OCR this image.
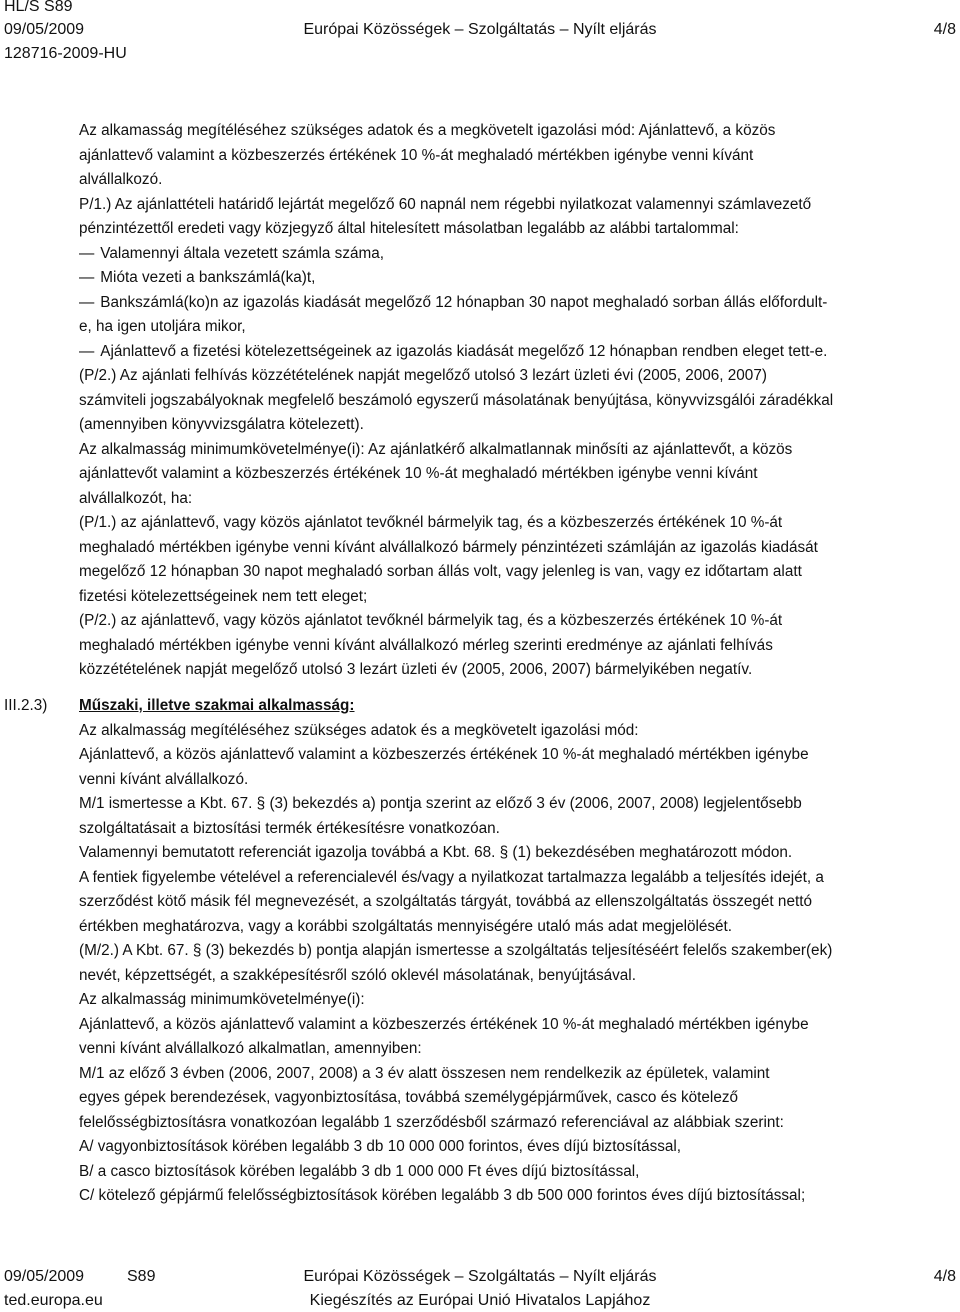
HL/S S89
09/05/2009	Európai Közösségek – Szolgáltatás – Nyílt eljárás	4/8
128716-2009-HU
Az alkamasság megítéléséhez szükséges adatok és a megkövetelt igazolási mód: Ajánlattevő, a közös
ajánlattevő valamint a közbeszerzés értékének 10 %-át meghaladó mértékben igénybe venni kívánt
alvállalkozó.
P/1.) Az ajánlattételi határidő lejártát megelőző 60 napnál nem régebbi nyilatkozat valamennyi számlavezető
pénzintézettől eredeti vagy közjegyző által hitelesített másolatban legalább az alábbi tartalommal:
— Valamennyi általa vezetett számla száma,
— Mióta vezeti a bankszámlá(ka)t,
— Bankszámlá(ko)n az igazolás kiadását megelőző 12 hónapban 30 napot meghaladó sorban állás előfordult-
e, ha igen utoljára mikor,
— Ajánlattevő a fizetési kötelezettségeinek az igazolás kiadását megelőző 12 hónapban rendben eleget tett-e.
(P/2.) Az ajánlati felhívás közzétételének napját megelőző utolsó 3 lezárt üzleti évi (2005, 2006, 2007)
számviteli jogszabályoknak megfelelő beszámoló egyszerű másolatának benyújtása, könyvvizsgálói záradékkal
(amennyiben könyvvizsgálatra kötelezett).
Az alkalmasság minimumkövetelménye(i): Az ajánlatkérő alkalmatlannak minősíti az ajánlattevőt, a közös
ajánlattevőt valamint a közbeszerzés értékének 10 %-át meghaladó mértékben igénybe venni kívánt
alvállalkozót, ha:
(P/1.) az ajánlattevő, vagy közös ajánlatot tevőknél bármelyik tag, és a közbeszerzés értékének 10 %-át
meghaladó mértékben igénybe venni kívánt alvállalkozó bármely pénzintézeti számláján az igazolás kiadását
megelőző 12 hónapban 30 napot meghaladó sorban állás volt, vagy jelenleg is van, vagy ez időtartam alatt
fizetési kötelezettségeinek nem tett eleget;
(P/2.) az ajánlattevő, vagy közös ajánlatot tevőknél bármelyik tag, és a közbeszerzés értékének 10 %-át
meghaladó mértékben igénybe venni kívánt alvállalkozó mérleg szerinti eredménye az ajánlati felhívás
közzétételének napját megelőző utolsó 3 lezárt üzleti év (2005, 2006, 2007) bármelyikében negatív.
III.2.3) Műszaki, illetve szakmai alkalmasság:
Az alkalmasság megítéléséhez szükséges adatok és a megkövetelt igazolási mód:
Ajánlattevő, a közös ajánlattevő valamint a közbeszerzés értékének 10 %-át meghaladó mértékben igénybe
venni kívánt alvállalkozó.
M/1 ismertesse a Kbt. 67. § (3) bekezdés a) pontja szerint az előző 3 év (2006, 2007, 2008) legjelentősebb
szolgáltatásait a biztosítási termék értékesítésre vonatkozóan.
Valamennyi bemutatott referenciát igazolja továbbá a Kbt. 68. § (1) bekezdésében meghatározott módon.
A fentiek figyelembe vételével a referencialevél és/vagy a nyilatkozat tartalmazza legalább a teljesítés idejét, a
szerződést kötő másik fél megnevezését, a szolgáltatás tárgyát, továbbá az ellenszolgáltatás összegét nettó
értékben meghatározva, vagy a korábbi szolgáltatás mennyiségére utaló más adat megjelölését.
(M/2.) A Kbt. 67. § (3) bekezdés b) pontja alapján ismertesse a szolgáltatás teljesítéséért felelős szakember(ek)
nevét, képzettségét, a szakképesítésről szóló oklevél másolatának, benyújtásával.
Az alkalmasság minimumkövetelménye(i):
Ajánlattevő, a közös ajánlattevő valamint a közbeszerzés értékének 10 %-át meghaladó mértékben igénybe
venni kívánt alvállalkozó alkalmatlan, amennyiben:
M/1 az előző 3 évben (2006, 2007, 2008) a 3 év alatt összesen nem rendelkezik az épületek, valamint
egyes gépek berendezések, vagyonbiztosítása, továbbá személygépjárművek, casco és kötelező
felelősségbiztosításra vonatkozóan legalább 1 szerződésből származó referenciával az alábbiak szerint:
A/ vagyonbiztosítások körében legalább 3 db 10 000 000 forintos, éves díjú biztosítással,
B/ a casco biztosítások körében legalább 3 db 1 000 000 Ft éves díjú biztosítással,
C/ kötelező gépjármű felelősségbiztosítások körében legalább 3 db 500 000 forintos éves díjú biztosítással;
09/05/2009	S89	Európai Közösségek – Szolgáltatás – Nyílt eljárás	4/8
ted.europa.eu	Kiegészítés az Európai Unió Hivatalos Lapjához
